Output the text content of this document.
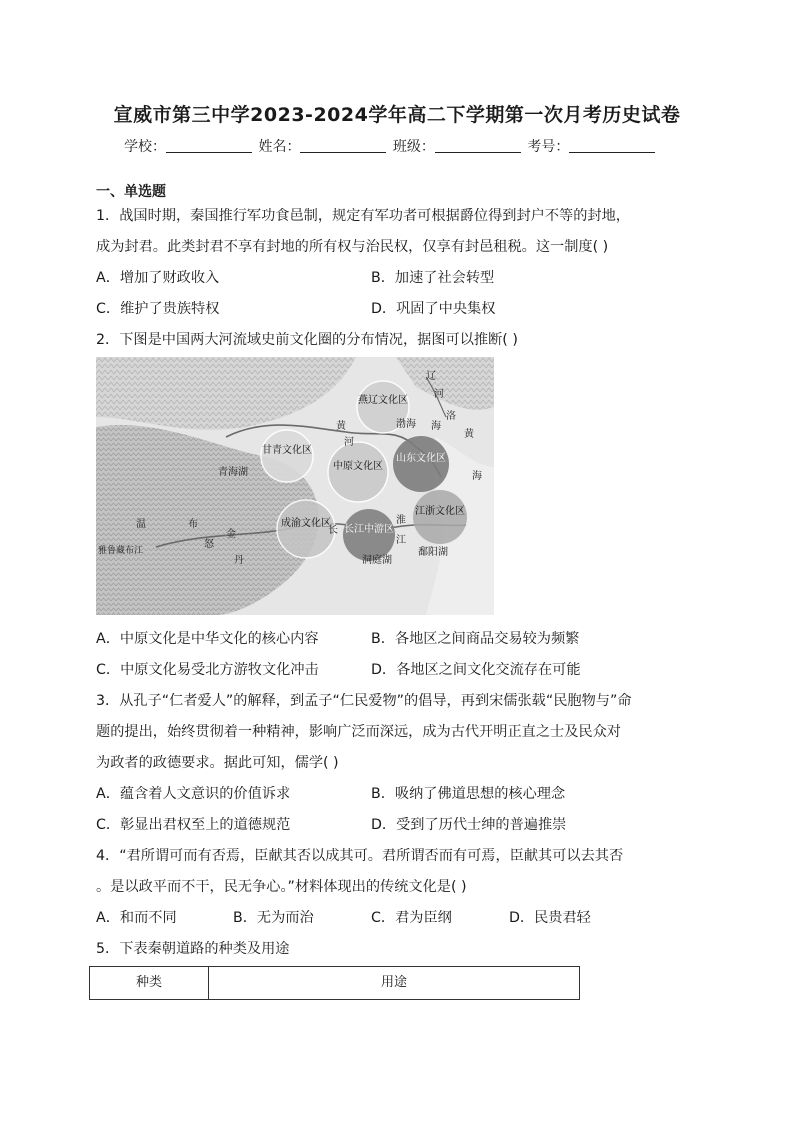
宣威市第三中学2023-2024学年高二下学期第一次月考历史试卷
学校：	姓名：	班级：	考号：
一、单选题
1．战国时期，秦国推行军功食邑制，规定有军功者可根据爵位得到封户不等的封地，
成为封君。此类封君不享有封地的所有权与治民权，仅享有封邑租税。这一制度( )
A．增加了财政收入	B．加速了社会转型
C．维护了贵族特权	D．巩固了中央集权
2．下图是中国两大河流域史前文化圈的分布情况，据图可以推断( )
燕辽文化区
甘青文化区
中原文化区
山东文化区
成渝文化区
长江中游区
江浙文化区
黄
河
海
渤海
黄
海
长
江
淮
辽
河
洛
青海湖
鄱阳湖
洞庭湖
雅鲁藏布江
怒
金
丹
布
温
A．中原文化是中华文化的核心内容	B．各地区之间商品交易较为频繁
C．中原文化易受北方游牧文化冲击	D．各地区之间文化交流存在可能
3．从孔子“仁者爱人”的解释，到孟子“仁民爱物”的倡导，再到宋儒张载“民胞物与”命
题的提出，始终贯彻着一种精神，影响广泛而深远，成为古代开明正直之士及民众对
为政者的政德要求。据此可知，儒学( )
A．蕴含着人文意识的价值诉求	B．吸纳了佛道思想的核心理念
C．彰显出君权至上的道德规范	D．受到了历代士绅的普遍推崇
4．“君所谓可而有否焉，臣献其否以成其可。君所谓否而有可焉，臣献其可以去其否
。是以政平而不干，民无争心。”材料体现出的传统文化是( )
A．和而不同	B．无为而治	C．君为臣纲	D．民贵君轻
5．下表秦朝道路的种类及用途
种类	用途
